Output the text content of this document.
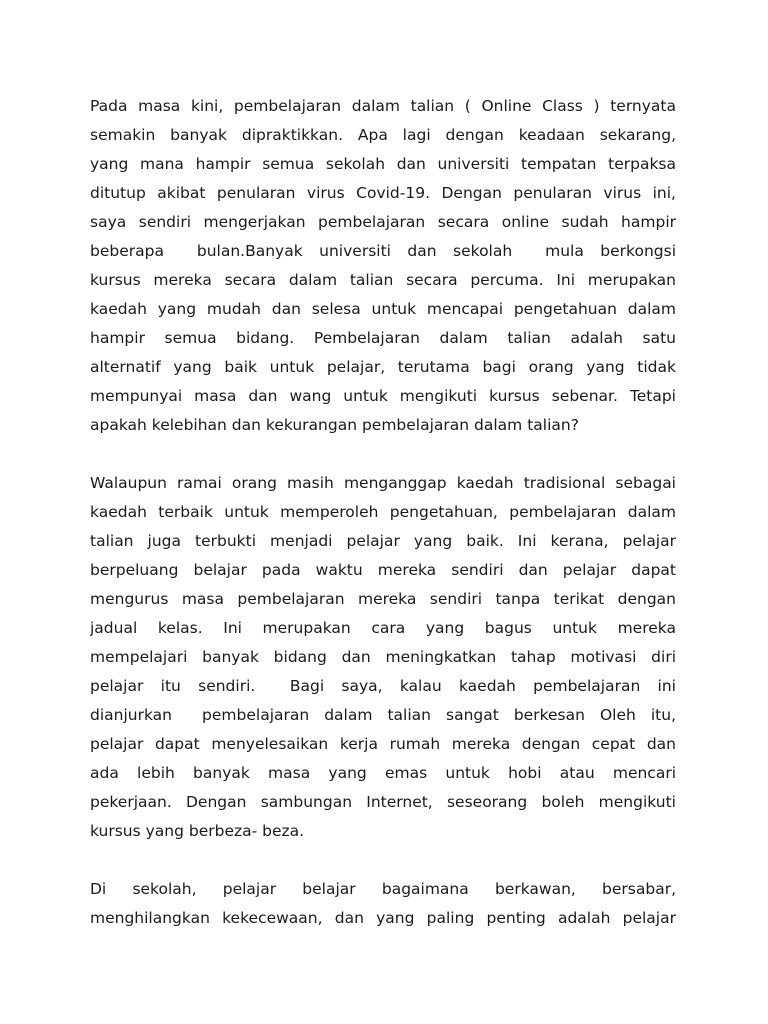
Pada masa kini, pembelajaran dalam talian ( Online Class ) ternyata
semakin banyak dipraktikkan. Apa lagi dengan keadaan sekarang,
yang mana hampir semua sekolah dan universiti tempatan terpaksa
ditutup akibat penularan virus Covid-19. Dengan penularan virus ini,
saya sendiri mengerjakan pembelajaran secara online sudah hampir
beberapa  bulan.Banyak universiti dan sekolah  mula berkongsi
kursus mereka secara dalam talian secara percuma. Ini merupakan
kaedah yang mudah dan selesa untuk mencapai pengetahuan dalam
hampir semua bidang. Pembelajaran dalam talian adalah satu
alternatif yang baik untuk pelajar, terutama bagi orang yang tidak
mempunyai masa dan wang untuk mengikuti kursus sebenar. Tetapi
apakah kelebihan dan kekurangan pembelajaran dalam talian?
Walaupun ramai orang masih menganggap kaedah tradisional sebagai
kaedah terbaik untuk memperoleh pengetahuan, pembelajaran dalam
talian juga terbukti menjadi pelajar yang baik. Ini kerana, pelajar
berpeluang belajar pada waktu mereka sendiri dan pelajar dapat
mengurus masa pembelajaran mereka sendiri tanpa terikat dengan
jadual kelas. Ini merupakan cara yang bagus untuk mereka
mempelajari banyak bidang dan meningkatkan tahap motivasi diri
pelajar itu sendiri.  Bagi saya, kalau kaedah pembelajaran ini
dianjurkan  pembelajaran dalam talian sangat berkesan Oleh itu,
pelajar dapat menyelesaikan kerja rumah mereka dengan cepat dan
ada lebih banyak masa yang emas untuk hobi atau mencari
pekerjaan. Dengan sambungan Internet, seseorang boleh mengikuti
kursus yang berbeza- beza.
Di sekolah, pelajar belajar bagaimana berkawan, bersabar,
menghilangkan kekecewaan, dan yang paling penting adalah pelajar
